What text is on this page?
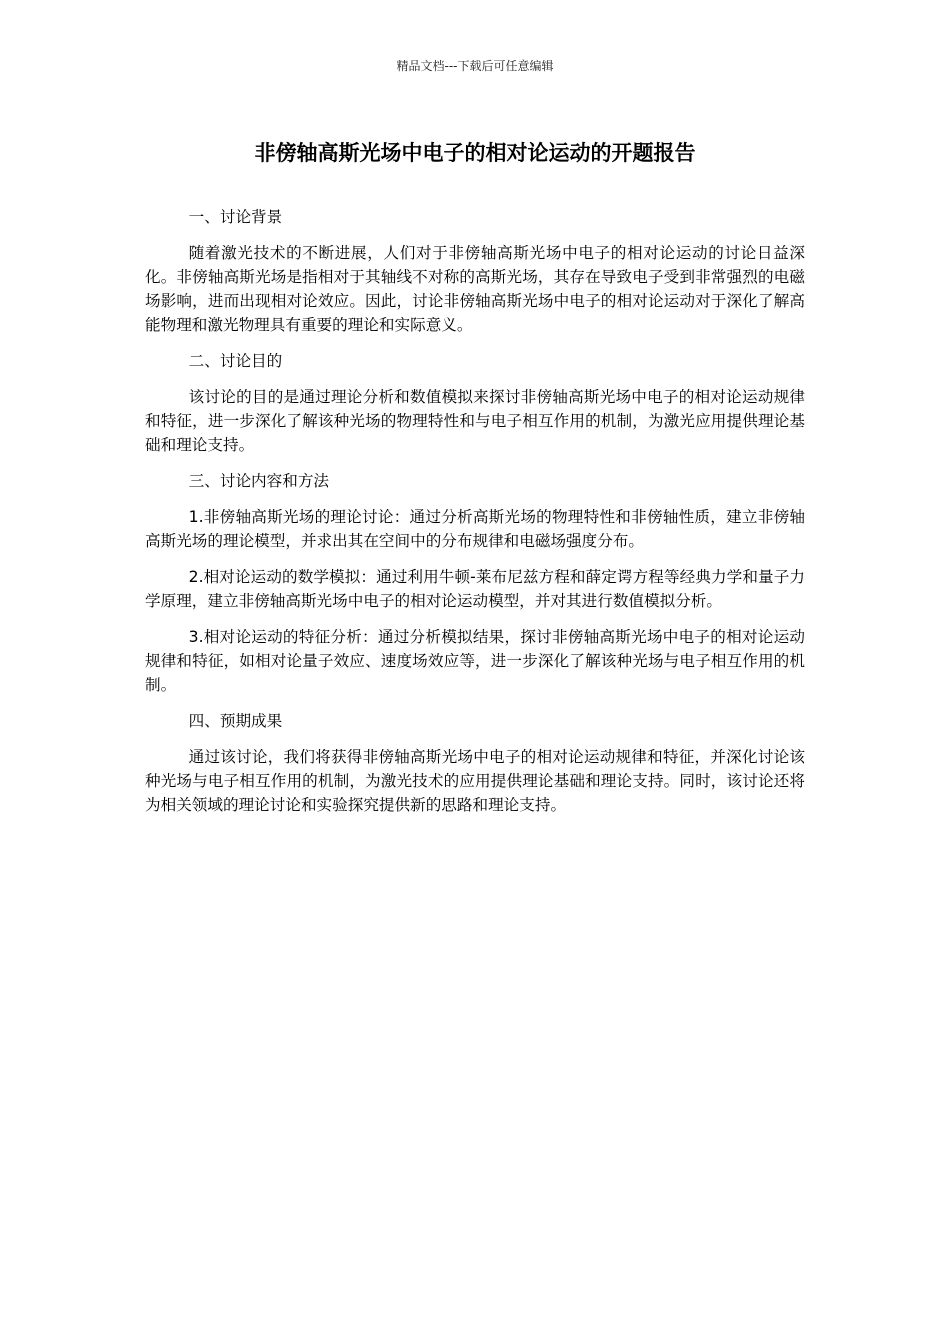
精品文档---下载后可任意编辑
非傍轴高斯光场中电子的相对论运动的开题报告

一、讨论背景

随着激光技术的不断进展，人们对于非傍轴高斯光场中电子的相对论运动的讨论日益深化。非傍轴高斯光场是指相对于其轴线不对称的高斯光场，其存在导致电子受到非常强烈的电磁场影响，进而出现相对论效应。因此，讨论非傍轴高斯光场中电子的相对论运动对于深化了解高能物理和激光物理具有重要的理论和实际意义。

二、讨论目的

该讨论的目的是通过理论分析和数值模拟来探讨非傍轴高斯光场中电子的相对论运动规律和特征，进一步深化了解该种光场的物理特性和与电子相互作用的机制，为激光应用提供理论基础和理论支持。

三、讨论内容和方法

1.非傍轴高斯光场的理论讨论：通过分析高斯光场的物理特性和非傍轴性质，建立非傍轴高斯光场的理论模型，并求出其在空间中的分布规律和电磁场强度分布。

2.相对论运动的数学模拟：通过利用牛顿-莱布尼兹方程和薛定谔方程等经典力学和量子力学原理，建立非傍轴高斯光场中电子的相对论运动模型，并对其进行数值模拟分析。

3.相对论运动的特征分析：通过分析模拟结果，探讨非傍轴高斯光场中电子的相对论运动规律和特征，如相对论量子效应、速度场效应等，进一步深化了解该种光场与电子相互作用的机制。

四、预期成果

通过该讨论，我们将获得非傍轴高斯光场中电子的相对论运动规律和特征，并深化讨论该种光场与电子相互作用的机制，为激光技术的应用提供理论基础和理论支持。同时，该讨论还将为相关领域的理论讨论和实验探究提供新的思路和理论支持。
